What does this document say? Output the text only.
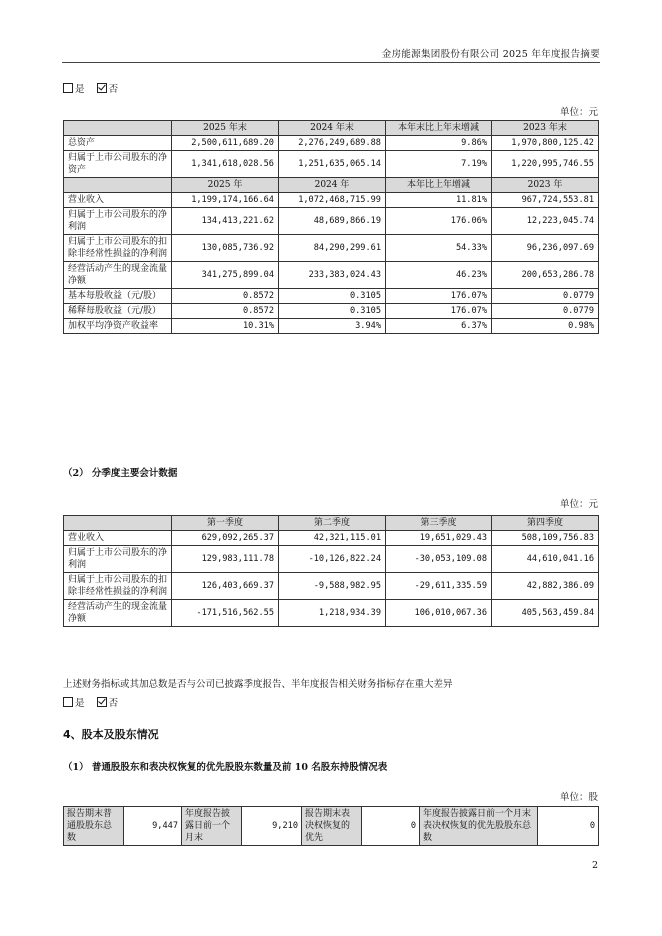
金房能源集团股份有限公司 2025 年年度报告摘要
是	否
单位：元
	2025 年末	2024 年末	本年末比上年末增减	2023 年末
总资产	2,500,611,689.20	2,276,249,689.88	9.86%	1,970,800,125.42
归属于上市公司股东的净资产	1,341,618,028.56	1,251,635,065.14	7.19%	1,220,995,746.55
	2025 年	2024 年	本年比上年增减	2023 年
营业收入	1,199,174,166.64	1,072,468,715.99	11.81%	967,724,553.81
归属于上市公司股东的净利润	134,413,221.62	48,689,866.19	176.06%	12,223,045.74
归属于上市公司股东的扣除非经常性损益的净利润	130,085,736.92	84,290,299.61	54.33%	96,236,097.69
经营活动产生的现金流量净额	341,275,899.04	233,383,024.43	46.23%	200,653,286.78
基本每股收益（元/股）	0.8572	0.3105	176.07%	0.0779
稀释每股收益（元/股）	0.8572	0.3105	176.07%	0.0779
加权平均净资产收益率	10.31%	3.94%	6.37%	0.98%
（2） 分季度主要会计数据
单位：元
	第一季度	第二季度	第三季度	第四季度
营业收入	629,092,265.37	42,321,115.01	19,651,029.43	508,109,756.83
归属于上市公司股东的净利润	129,983,111.78	-10,126,822.24	-30,053,109.08	44,610,041.16
归属于上市公司股东的扣除非经常性损益的净利润	126,403,669.37	-9,588,982.95	-29,611,335.59	42,882,386.09
经营活动产生的现金流量净额	-171,516,562.55	1,218,934.39	106,010,067.36	405,563,459.84
上述财务指标或其加总数是否与公司已披露季度报告、半年度报告相关财务指标存在重大差异
是	否
4、股本及股东情况
（1） 普通股股东和表决权恢复的优先股股东数量及前 10 名股东持股情况表
单位：股
报告期末普通股股东总数	9,447	年度报告披露日前一个月末	9,210	报告期末表决权恢复的优先	0	年度报告披露日前一个月末表决权恢复的优先股股东总数	0
2
